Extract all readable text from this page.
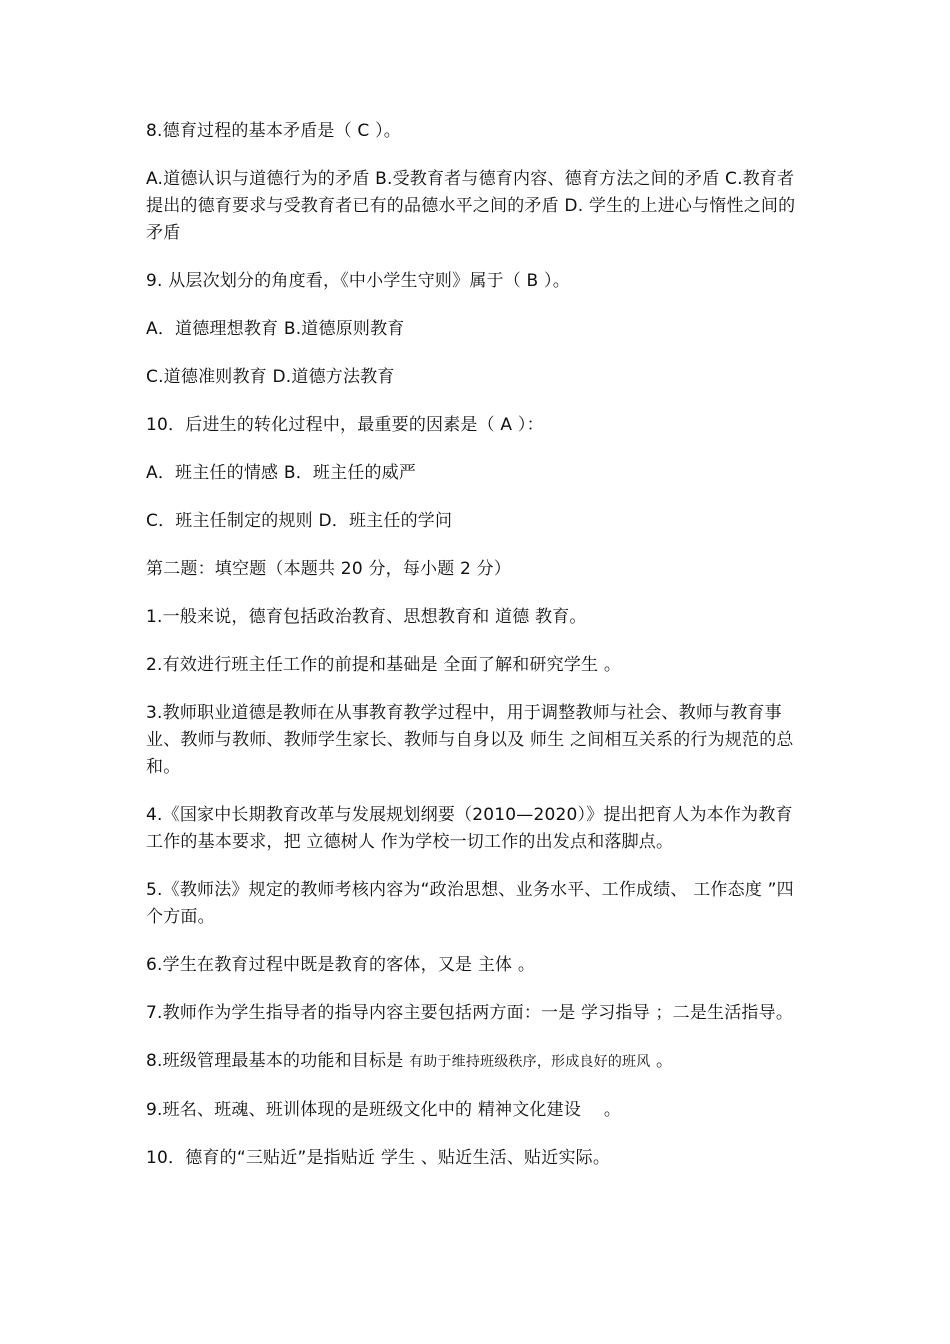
8.德育过程的基本矛盾是（ C ）。

A.道德认识与道德行为的矛盾 B.受教育者与德育内容、德育方法之间的矛盾 C.教育者提出的德育要求与受教育者已有的品德水平之间的矛盾 D. 学生的上进心与惰性之间的矛盾

9. 从层次划分的角度看，《中小学生守则》属于（ B ）。

A．道德理想教育 B.道德原则教育

C.道德准则教育 D.道德方法教育

10．后进生的转化过程中，最重要的因素是（ A ）：

A．班主任的情感 B．班主任的威严

C．班主任制定的规则 D．班主任的学问

第二题：填空题（本题共 20 分，每小题 2 分）

1.一般来说，德育包括政治教育、思想教育和 道德 教育。

2.有效进行班主任工作的前提和基础是 全面了解和研究学生 。

3.教师职业道德是教师在从事教育教学过程中，用于调整教师与社会、教师与教育事业、教师与教师、教师学生家长、教师与自身以及 师生 之间相互关系的行为规范的总和。

4.《国家中长期教育改革与发展规划纲要（2010—2020）》提出把育人为本作为教育工作的基本要求，把 立德树人 作为学校一切工作的出发点和落脚点。

5.《教师法》规定的教师考核内容为“政治思想、业务水平、工作成绩、 工作态度 ”四个方面。

6.学生在教育过程中既是教育的客体，又是 主体 。

7.教师作为学生指导者的指导内容主要包括两方面：一是 学习指导 ；二是生活指导。

8.班级管理最基本的功能和目标是 有助于维持班级秩序，形成良好的班风 。

9.班名、班魂、班训体现的是班级文化中的 精神文化建设　 。

10．德育的“三贴近”是指贴近 学生 、贴近生活、贴近实际。
